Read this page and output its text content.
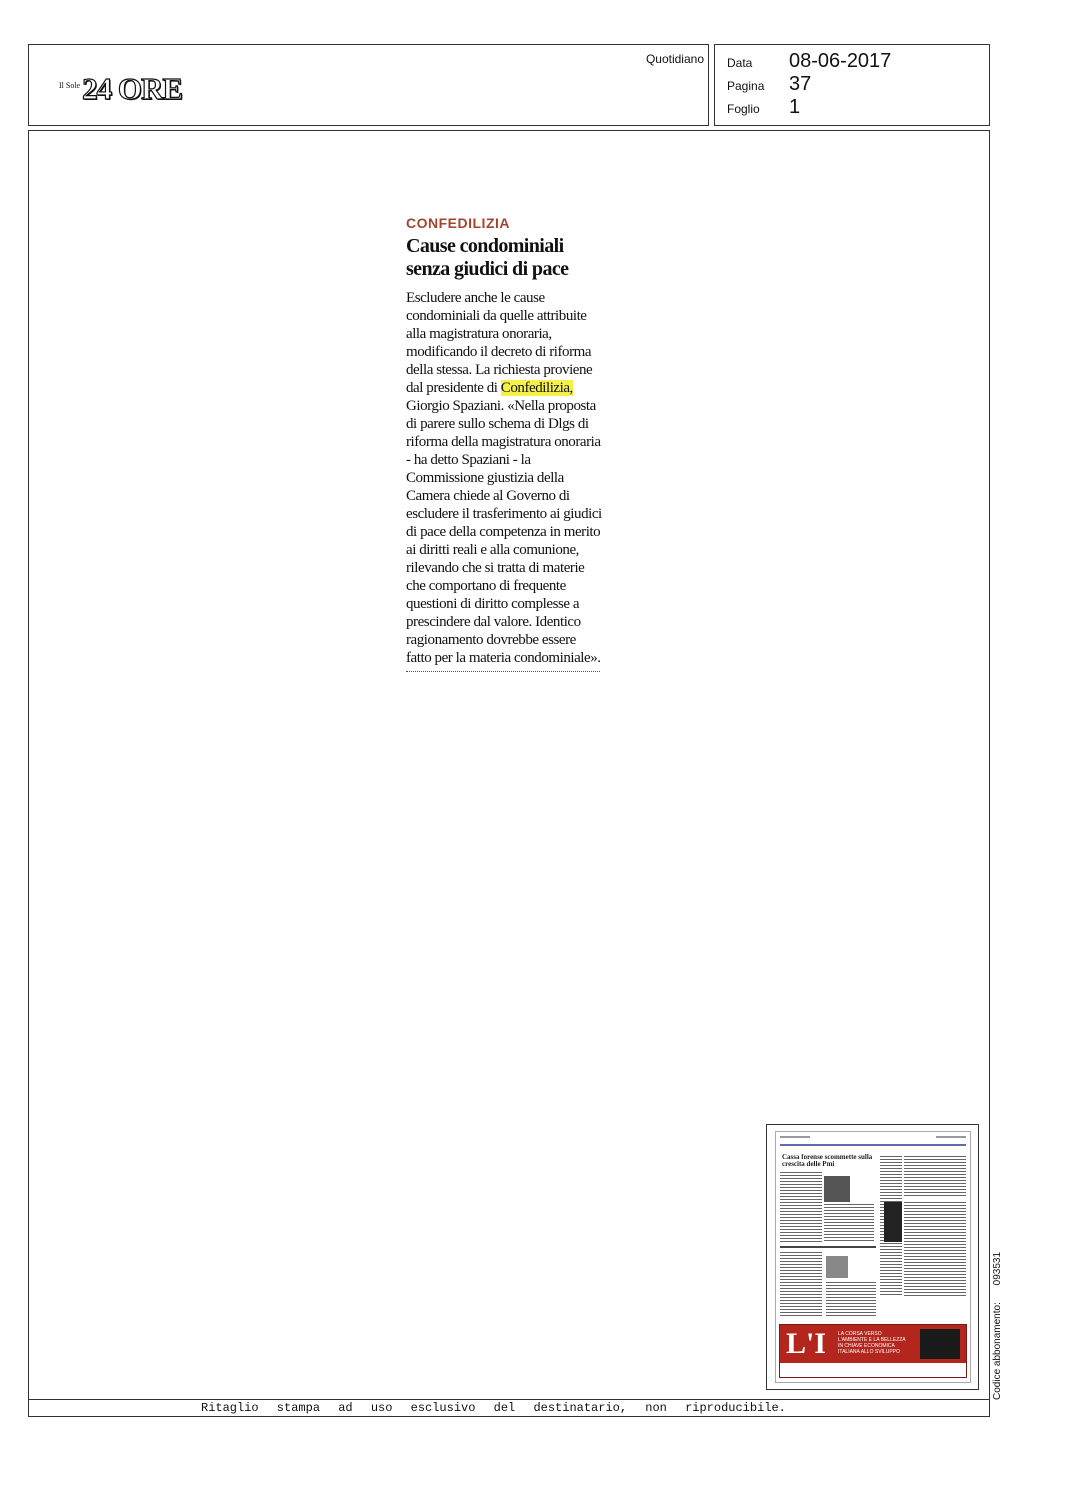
Il Sole 24 ORE
Quotidiano Data	08-06-2017
Pagina	37
Foglio	1
Ritaglio stampa ad uso esclusivo del destinatario, non riproducibile.
CONFEDILIZIA
Cause condominiali
senza giudici di pace

Escludere anche le cause condominiali da quelle attribuite alla magistratura onoraria, modificando il decreto di riforma della stessa. La richiesta proviene dal presidente di Confedilizia, Giorgio Spaziani. «Nella proposta di parere sullo schema di Dlgs di riforma della magistratura onoraria - ha detto Spaziani - la Commissione giustizia della Camera chiede al Governo di escludere il trasferimento ai giudici di pace della competenza in merito ai diritti reali e alla comunione, rilevando che si tratta di materie che comportano di frequente questioni di diritto complesse a prescindere dal valore. Identico ragionamento dovrebbe essere fatto per la materia condominiale».

Cassa forense scommette sulla crescita delle Pmi
L'I LA CORSA VERSO L'AMBIENTE E LA BELLEZZA IN CHIAVE ECONOMICA ITALIANA ALLO SVILUPPO	Codice abbonamento: 093531
